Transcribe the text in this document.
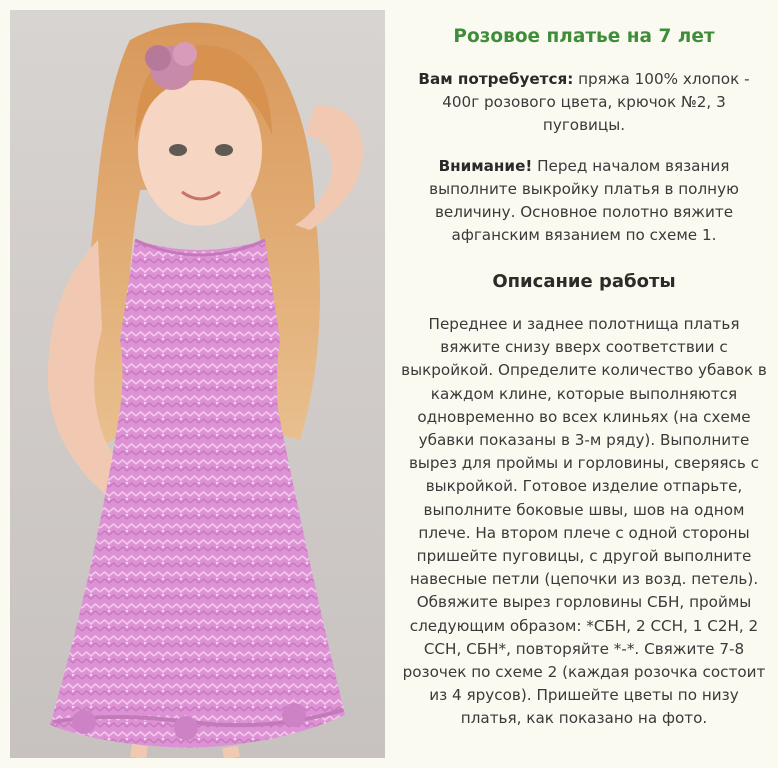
Розовое платье на 7 лет

Вам потребуется: пряжа 100% хлопок - 400г розового цвета, крючок №2, 3 пуговицы.

Внимание! Перед началом вязания выполните выкройку платья в полную величину. Основное полотно вяжите афганским вязанием по схеме 1.

Описание работы

Переднее и заднее полотнища платья вяжите снизу вверх соответствии с выкройкой. Определите количество убавок в каждом клине, которые выполняются одновременно во всех клиньях (на схеме убавки показаны в 3-м ряду). Выполните вырез для проймы и горловины, сверяясь с выкройкой. Готовое изделие отпарьте, выполните боковые швы, шов на одном плече. На втором плече с одной стороны пришейте пуговицы, с другой выполните навесные петли (цепочки из возд. петель). Обвяжите вырез горловины СБН, проймы следующим образом: *СБН, 2 ССН, 1 С2Н, 2 ССН, СБН*, повторяйте *-*. Свяжите 7-8 розочек по схеме 2 (каждая розочка состоит из 4 ярусов). Пришейте цветы по низу платья, как показано на фото.
